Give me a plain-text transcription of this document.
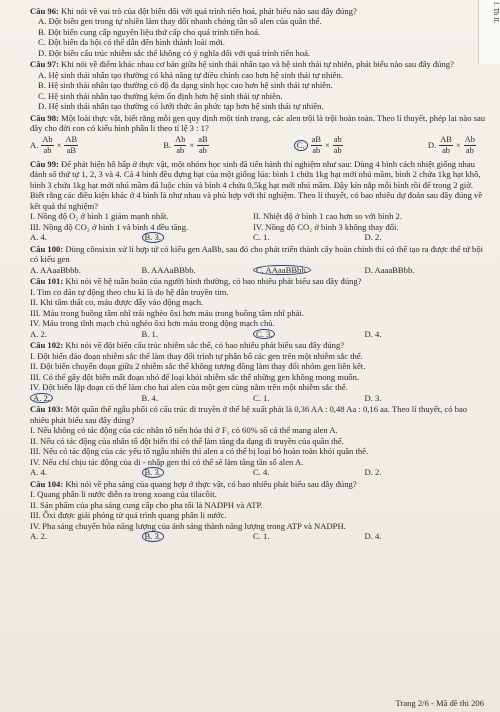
I. Th II.
Câu 96: Khi nói về vai trò của đột biến đối với quá trình tiến hoá, phát biểu nào sau đây đúng?
A. Đột biến gen trong tự nhiên làm thay đổi nhanh chóng tần số alen của quần thể.
B. Đột biến cung cấp nguyên liệu thứ cấp cho quá trình tiến hoá.
C. Đột biến đa bội có thể dẫn đến hình thành loài mới.
D. Đột biến cấu trúc nhiễm sắc thể không có ý nghĩa đối với quá trình tiến hoá.
Câu 97: Khi nói về điểm khác nhau cơ bản giữa hệ sinh thái nhân tạo và hệ sinh thái tự nhiên, phát biểu nào sau đây đúng?
A. Hệ sinh thái nhân tạo thường có khả năng tự điều chỉnh cao hơn hệ sinh thái tự nhiên.
B. Hệ sinh thái nhân tạo thường có độ đa dạng sinh học cao hơn hệ sinh thái tự nhiên.
C. Hệ sinh thái nhân tạo thường kém ổn định hơn hệ sinh thái tự nhiên.
D. Hệ sinh thái nhân tạo thường có lưới thức ăn phức tạp hơn hệ sinh thái tự nhiên.
Câu 98: Một loài thực vật, biết rằng mỗi gen quy định một tính trạng, các alen trội là trội hoàn toàn. Theo lí thuyết, phép lai nào sau đây cho đời con có kiểu hình phân li theo tỉ lệ 3 : 1?
A. $\frac{Ab}{ab} \times \frac{AB}{aB}$	B. $\frac{Ab}{ab} \times \frac{aB}{ab}$	C. $\frac{aB}{ab} \times \frac{ab}{ab}$	D. $\frac{AB}{ab} \times \frac{Ab}{ab}$
Câu 99: Để phát hiện hô hấp ở thực vật, một nhóm học sinh đã tiến hành thí nghiệm như sau: Dùng 4 bình cách nhiệt giống nhau đánh số thứ tự 1, 2, 3 và 4. Cả 4 bình đều đựng hạt của một giống lúa: bình 1 chứa 1kg hạt mới nhú mầm, bình 2 chứa 1kg hạt khô, bình 3 chứa 1kg hạt mới nhú mầm đã luộc chín và bình 4 chứa 0,5kg hạt mới nhú mầm. Đậy kín nắp mỗi bình rồi để trong 2 giờ. Biết rằng các điều kiện khác ở 4 bình là như nhau và phù hợp với thí nghiệm. Theo lí thuyết, có bao nhiêu dự đoán sau đây đúng về kết quả thí nghiệm?
I. Nồng độ O₂ ở bình 1 giảm mạnh nhất.	II. Nhiệt độ ở bình 1 cao hơn so với bình 2.
III. Nồng độ CO₂ ở bình 1 và bình 4 đều tăng.	IV. Nồng độ CO₂ ở bình 3 không thay đổi.
A. 4.	B. 3.	C. 1.	D. 2.
Câu 100: Dùng cônsixin xử lí hợp tử có kiểu gen AaBb, sau đó cho phát triển thành cây hoàn chỉnh thì có thể tạo ra được thể tứ bội có kiểu gen
A. AAaaBbbb.	B. AAAaBBbb.	C. AAaaBBbb.	D. AaaaBBbb.
Câu 101: Khi nói về hệ tuần hoàn của người bình thường, có bao nhiêu phát biểu sau đây đúng?
I. Tim co dãn tự động theo chu kì là do hệ dẫn truyền tim.
II. Khi tâm thất co, máu được đẩy vào động mạch.
III. Máu trong buồng tâm nhĩ trái nghèo ôxi hơn máu trong buồng tâm nhĩ phải.
IV. Máu trong tĩnh mạch chủ nghèo ôxi hơn máu trong động mạch chủ.
A. 2.	B. 1.	C. 3.	D. 4.
Câu 102: Khi nói về đột biến cấu trúc nhiễm sắc thể, có bao nhiêu phát biểu sau đây đúng?
I. Đột biến đảo đoạn nhiễm sắc thể làm thay đổi trình tự phân bố các gen trên một nhiễm sắc thể.
II. Đột biến chuyển đoạn giữa 2 nhiễm sắc thể không tương đồng làm thay đổi nhóm gen liên kết.
III. Có thể gây đột biến mất đoạn nhỏ để loại khỏi nhiễm sắc thể những gen không mong muốn.
IV. Đột biến lặp đoạn có thể làm cho hai alen của một gen cùng nằm trên một nhiễm sắc thể.
A. 2.	B. 4.	C. 1.	D. 3.
Câu 103: Một quần thể ngẫu phối có cấu trúc di truyền ở thế hệ xuất phát là 0,36 AA : 0,48 Aa : 0,16 aa. Theo lí thuyết, có bao nhiêu phát biểu sau đây đúng?
I. Nếu không có tác động của các nhân tố tiến hóa thì ở F₁ có 60% số cá thể mang alen A.
II. Nếu có tác động của nhân tố đột biến thì có thể làm tăng đa dạng di truyền của quần thể.
III. Nếu có tác động của các yếu tố ngẫu nhiên thì alen a có thể bị loại bỏ hoàn toàn khỏi quần thể.
IV. Nếu chỉ chịu tác động của di - nhập gen thì có thể sẽ làm tăng tần số alen A.
A. 4.	B. 3.	C. 4.	D. 2.
Câu 104: Khi nói về pha sáng của quang hợp ở thực vật, có bao nhiêu phát biểu sau đây đúng?
I. Quang phân li nước diễn ra trong xoang của tilacôit.
II. Sản phẩm của pha sáng cung cấp cho pha tối là NADPH và ATP.
III. Ôxi được giải phóng từ quá trình quang phân li nước.
IV. Pha sáng chuyển hóa năng lượng của ánh sáng thành năng lượng trong ATP và NADPH.
A. 2.	B. 3.	C. 1.	D. 4.
Trang 2/6 - Mã đề thi 206
